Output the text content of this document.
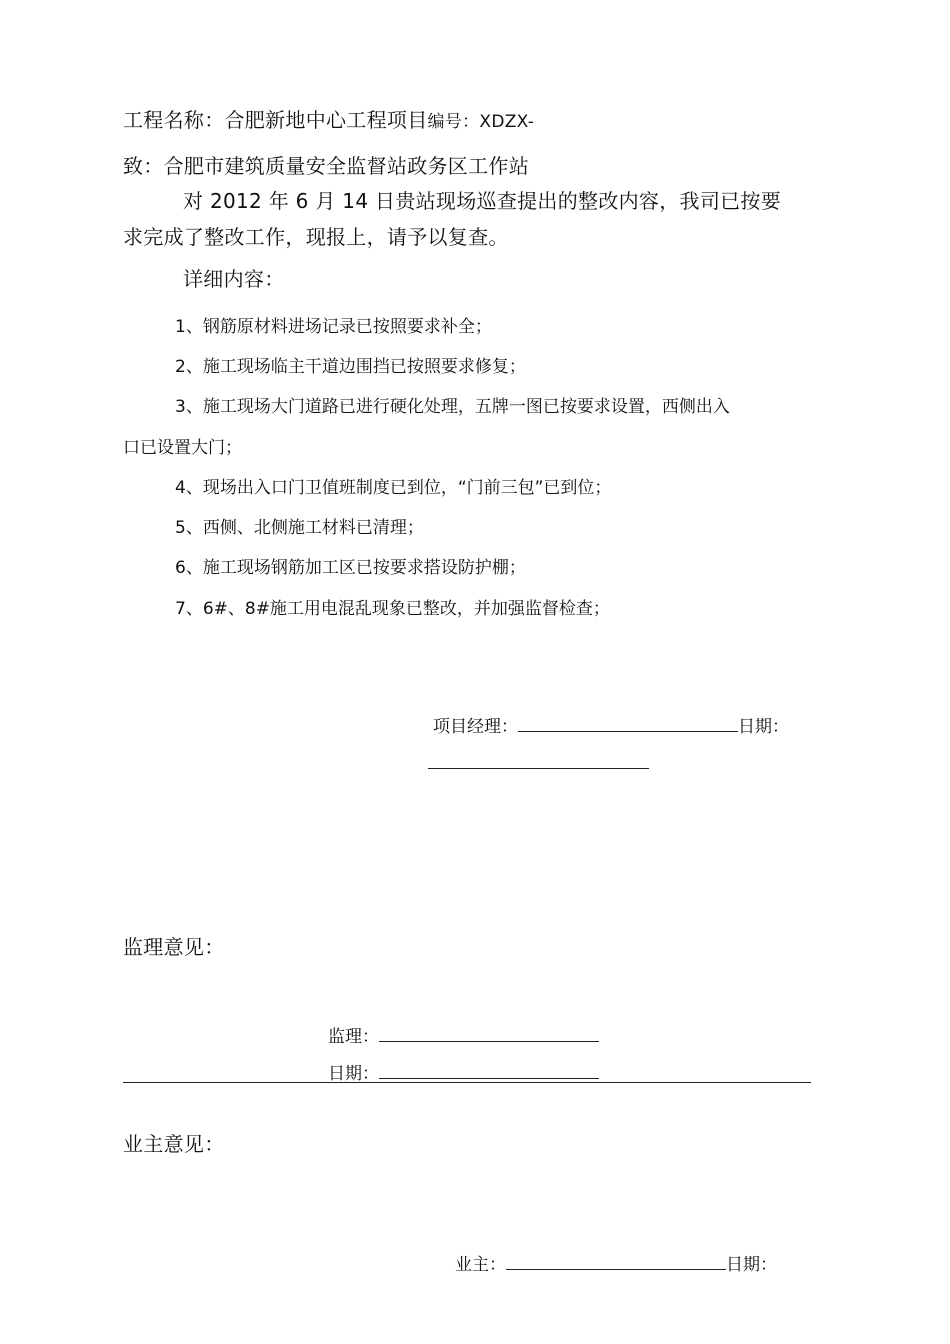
工程名称：合肥新地中心工程项目编号：XDZX-
致：合肥市建筑质量安全监督站政务区工作站
对 2012 年 6 月 14 日贵站现场巡查提出的整改内容，我司已按要
求完成了整改工作，现报上，请予以复查。
详细内容：
1、钢筋原材料进场记录已按照要求补全；
2、施工现场临主干道边围挡已按照要求修复；
3、施工现场大门道路已进行硬化处理，五牌一图已按要求设置，西侧出入
口已设置大门；
4、现场出入口门卫值班制度已到位，“门前三包”已到位；
5、西侧、北侧施工材料已清理；
6、施工现场钢筋加工区已按要求搭设防护棚；
7、6#、8#施工用电混乱现象已整改，并加强监督检查；
项目经理：	日期：
监理意见：
监理：
日期：
业主意见：
业主：	日期：
